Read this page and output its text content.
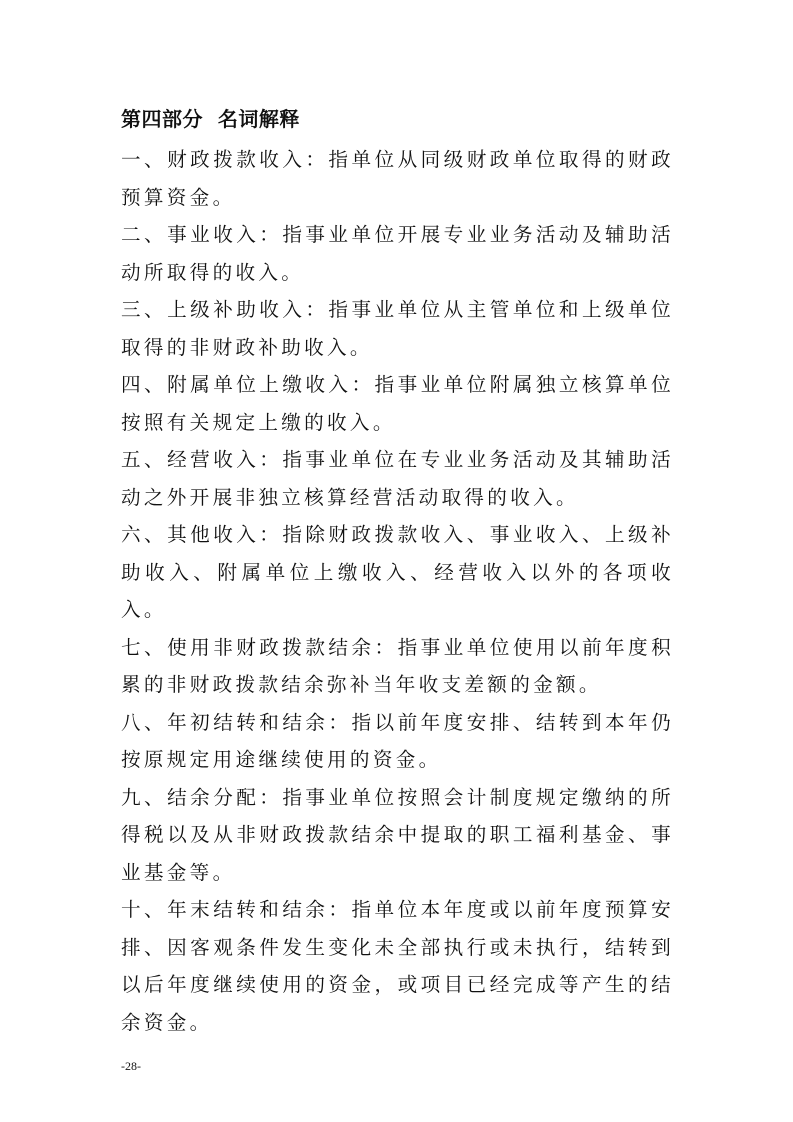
第四部分  名词解释

一、财政拨款收入：指单位从同级财政单位取得的财政预算资金。

二、事业收入：指事业单位开展专业业务活动及辅助活动所取得的收入。

三、上级补助收入：指事业单位从主管单位和上级单位取得的非财政补助收入。

四、附属单位上缴收入：指事业单位附属独立核算单位按照有关规定上缴的收入。

五、经营收入：指事业单位在专业业务活动及其辅助活动之外开展非独立核算经营活动取得的收入。

六、其他收入：指除财政拨款收入、事业收入、上级补助收入、附属单位上缴收入、经营收入以外的各项收入。

七、使用非财政拨款结余：指事业单位使用以前年度积累的非财政拨款结余弥补当年收支差额的金额。

八、年初结转和结余：指以前年度安排、结转到本年仍按原规定用途继续使用的资金。

九、结余分配：指事业单位按照会计制度规定缴纳的所得税以及从非财政拨款结余中提取的职工福利基金、事业基金等。

十、年末结转和结余：指单位本年度或以前年度预算安排、因客观条件发生变化未全部执行或未执行，结转到以后年度继续使用的资金，或项目已经完成等产生的结余资金。

-28-
